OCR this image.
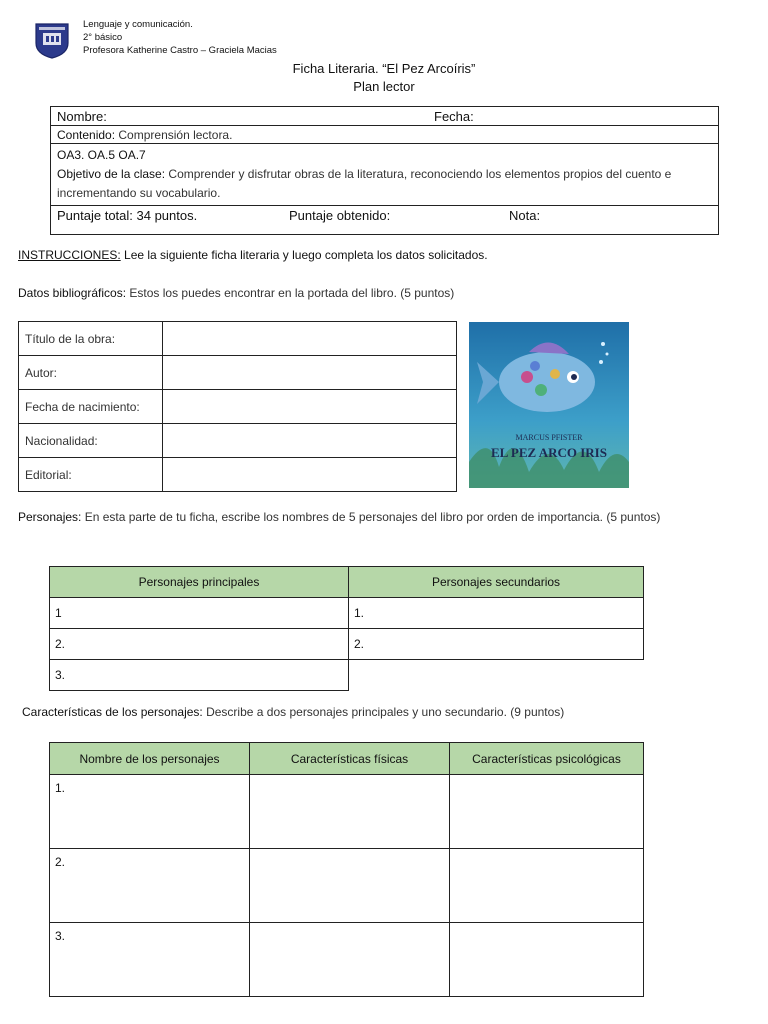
Lenguaje y comunicación.
2° básico
Profesora Katherine Castro – Graciela Macias
Ficha Literaria. “El Pez Arcoíris”
Plan lector
Nombre:	Fecha:
Contenido: Comprensión lectora.
OA3. OA.5 OA.7
Objetivo de la clase: Comprender y disfrutar obras de la literatura, reconociendo los elementos propios del cuento e incrementando su vocabulario.
Puntaje total: 34 puntos.	Puntaje obtenido:	Nota:
INSTRUCCIONES: Lee la siguiente ficha literaria y luego completa los datos solicitados.
Datos bibliográficos: Estos los puedes encontrar en la portada del libro. (5 puntos)
Título de la obra:	
Autor:	
Fecha de nacimiento:	
Nacionalidad:	
Editorial:	
MARCUS PFISTER
EL PEZ ARCO IRIS
Personajes: En esta parte de tu ficha, escribe los nombres de 5 personajes del libro por orden de importancia. (5 puntos)
Personajes principales	Personajes secundarios
1	1.
2.	2.
3.	
Características de los personajes: Describe a dos personajes principales y uno secundario. (9 puntos)
Nombre de los personajes	Características físicas	Características psicológicas
1.		
2.		
3.		
